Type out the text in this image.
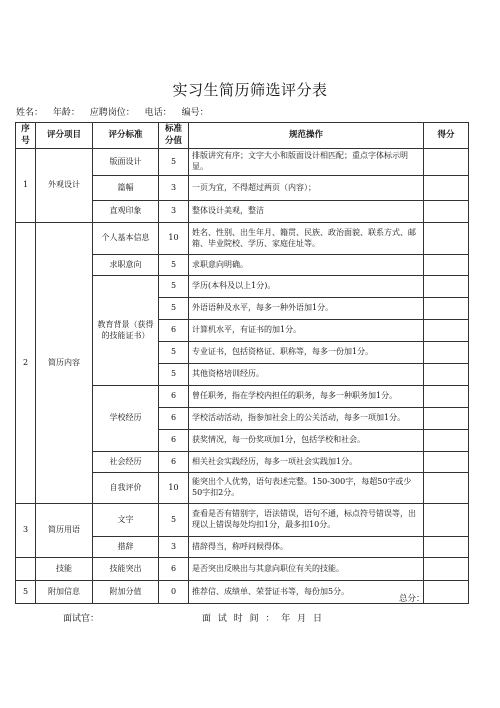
实习生简历筛选评分表
姓名： 年龄： 应聘岗位： 电话： 编号：
序号	评分项目	评分标准	标准分值	规范操作	得分
1	外观设计	版面设计	5	排版讲究有序；文字大小和版面设计相匹配；重点字体标示明显。	
		篇幅	3	一页为宜，不得超过两页（内容）；	
		直观印象	3	整体设计美观，整洁	
2	简历内容	个人基本信息	10	姓名、性别、出生年月、籍贯、民族、政治面貌、联系方式、邮箱、毕业院校、学历、家庭住址等。	
		求职意向	5	求职意向明确。	
		教育背景（获得的技能证书）	5	学历(本科及以上1分)。	
			5	外语语种及水平，每多一种外语加1分。	
			6	计算机水平，有证书的加1分。	
			5	专业证书，包括资格证、职称等，每多一份加1分。	
			5	其他资格培训经历。	
		学校经历	6	曾任职务，指在学校内担任的职务，每多一种职务加1分。	
			6	学校活动活动，指参加社会上的公关活动，每多一项加1分。	
			6	获奖情况，每一份奖项加1分，包括学校和社会。	
		社会经历	6	相关社会实践经历，每多一项社会实践加1分。	
		自我评价	10	能突出个人优势，语句表述完整。150-300字，每超50字或少50字扣2分。	
3	简历用语	文字	5	查看是否有错别字，语法错误，语句不通，标点符号错误等，出现以上错误每处均扣1分，最多扣10分。	
		措辞	3	措辞得当，称呼问候得体。	
	技能	技能突出	6	是否突出反映出与其意向职位有关的技能。	
5	附加信息	附加分值	0	推荐信、成绩单、荣誉证书等，每份加5分。	
总分：
面试官：	面 试 时 间 ： 年 月 日
